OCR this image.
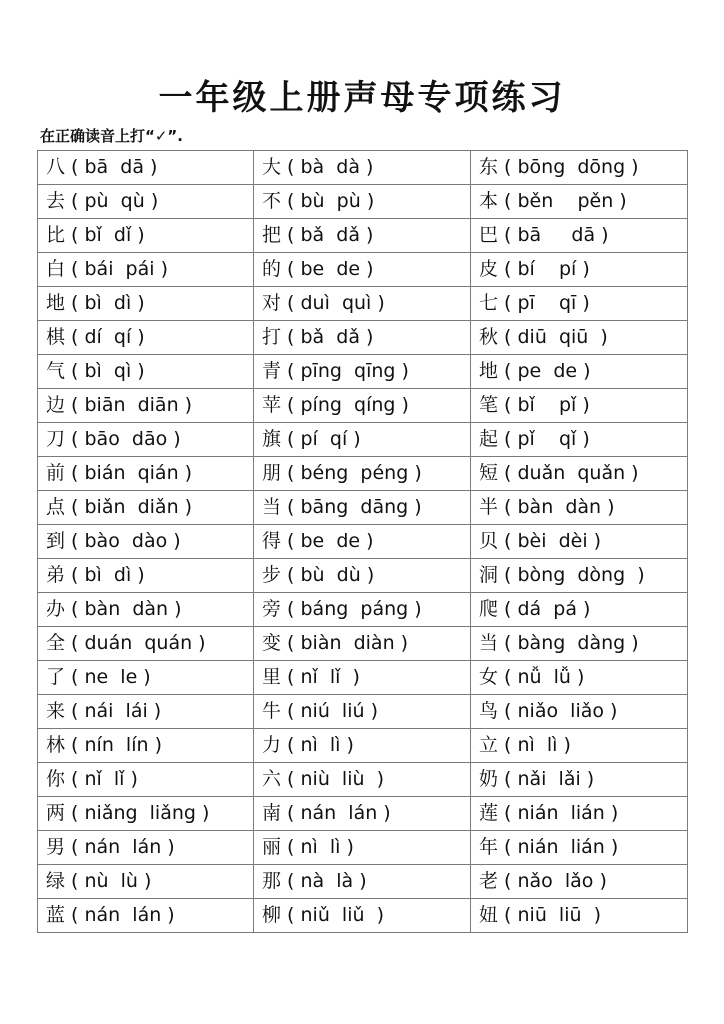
一年级上册声母专项练习
在正确读音上打“✓”.
八 ( bā  dā )	大 ( bà  dà )	东 ( bōng  dōng )
去 ( pù  qù )	不 ( bù  pù )	本 ( běn    pěn )
比 ( bǐ  dǐ )	把 ( bǎ  dǎ )	巴 ( bā     dā )
白 ( bái  pái )	的 ( be  de )	皮 ( bí    pí )
地 ( bì  dì )	对 ( duì  quì )	七 ( pī    qī )
棋 ( dí  qí )	打 ( bǎ  dǎ )	秋 ( diū  qiū  )
气 ( bì  qì )	青 ( pīng  qīng )	地 ( pe  de )
边 ( biān  diān )	苹 ( píng  qíng )	笔 ( bǐ    pǐ )
刀 ( bāo  dāo )	旗 ( pí  qí )	起 ( pǐ    qǐ )
前 ( bián  qián )	朋 ( béng  péng )	短 ( duǎn  quǎn )
点 ( biǎn  diǎn )	当 ( bāng  dāng )	半 ( bàn  dàn )
到 ( bào  dào )	得 ( be  de )	贝 ( bèi  dèi )
弟 ( bì  dì )	步 ( bù  dù )	洞 ( bòng  dòng  )
办 ( bàn  dàn )	旁 ( báng  páng )	爬 ( dá  pá )
全 ( duán  quán )	变 ( biàn  diàn )	当 ( bàng  dàng )
了 ( ne  le )	里 ( nǐ  lǐ  )	女 ( nǚ  lǚ )
来 ( nái  lái )	牛 ( niú  liú )	鸟 ( niǎo  liǎo )
林 ( nín  lín )	力 ( nì  lì )	立 ( nì  lì )
你 ( nǐ  lǐ )	六 ( niù  liù  )	奶 ( nǎi  lǎi )
两 ( niǎng  liǎng )	南 ( nán  lán )	莲 ( nián  lián )
男 ( nán  lán )	丽 ( nì  lì )	年 ( nián  lián )
绿 ( nù  lù )	那 ( nà  là )	老 ( nǎo  lǎo )
蓝 ( nán  lán )	柳 ( niǔ  liǔ  )	妞 ( niū  liū  )
